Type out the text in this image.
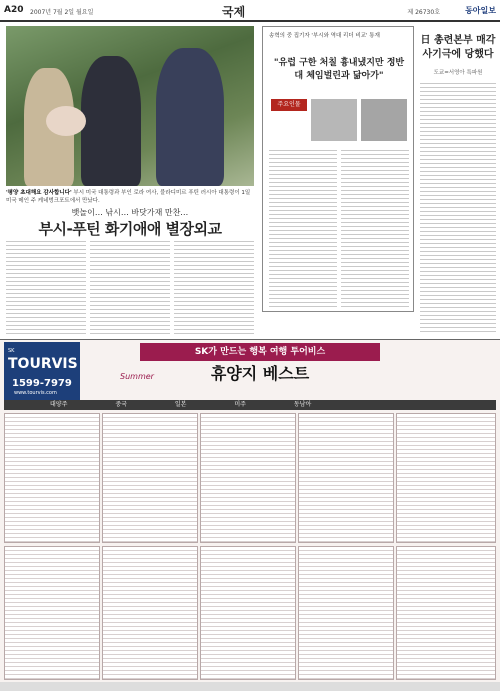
A20 2007년 7월 2일 월요일	국제	제 26730호	동아일보
'평양 초대해요 감사합니다' 부시 미국 대통령과 부인 로라 여사, 블라디미르 푸틴 러시아 대통령이 1일 미국 메인 주 케네벙크포트에서 만났다.
뱃놀이… 낚시… 바닷가재 만찬…
부시-푸틴 화기애애 별장외교
송혁의 중 집기자 '부시와 역대 리더 비교' 통재
"유럽 구한 처칠 흉내냈지만 정반대 체임벌린과 닮아가"
주요인물
日 총련본부 매각 사기극에 당했다
도쿄=서영아 특파원
SK
TOURVIS
1599-7979
www.tourvis.com
SK가 만드는 행복 여행 투어비스
Summer	휴양지 베스트
대양주	중국	일본	미주	동남아
